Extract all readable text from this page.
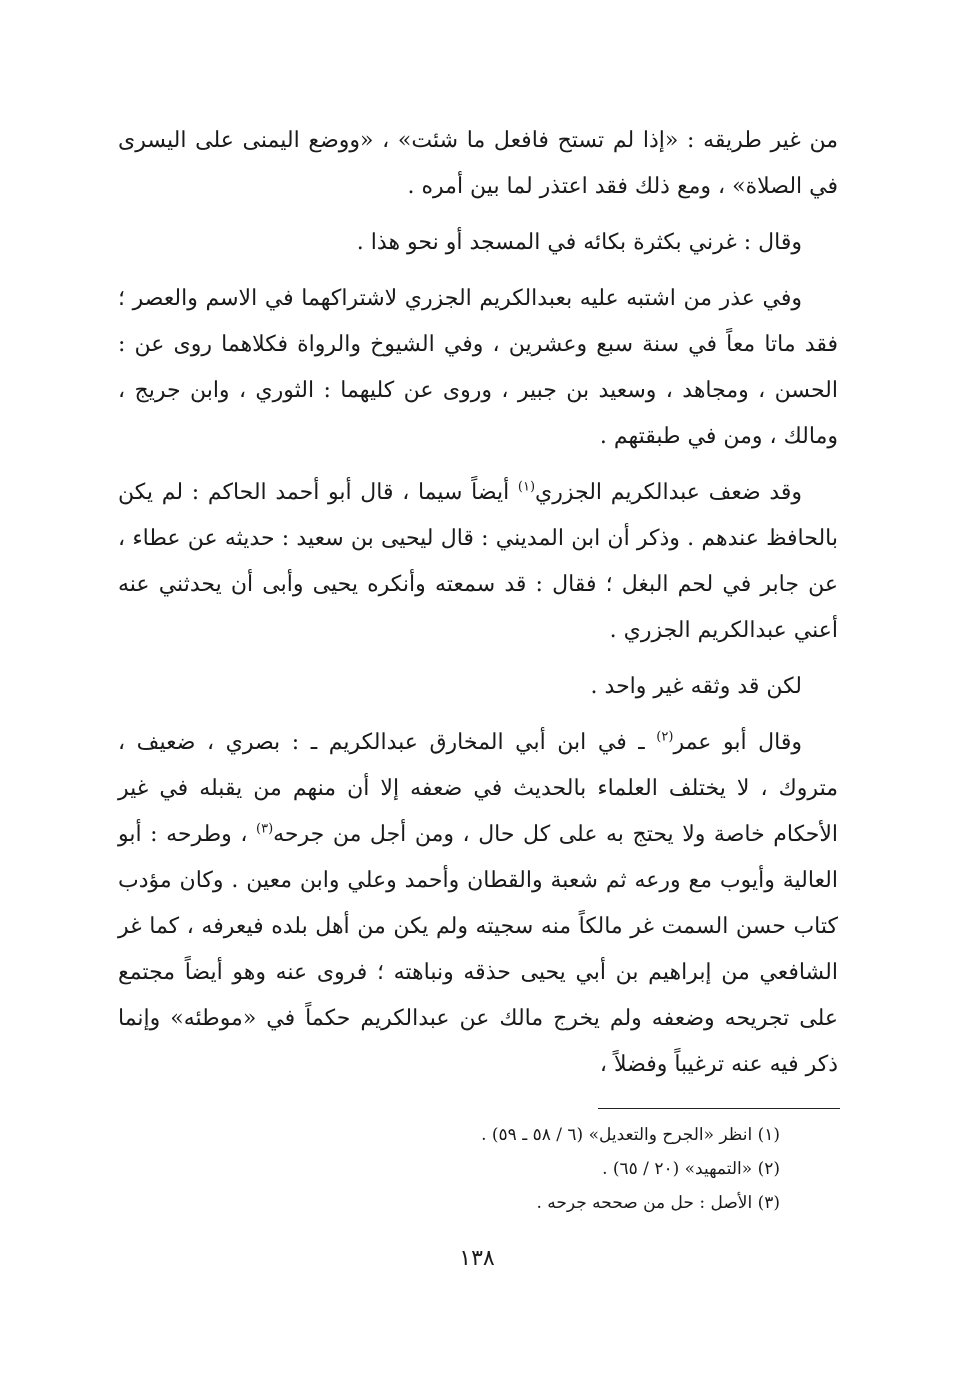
من غير طريقه : «إذا لم تستح فافعل ما شئت» ، «ووضع اليمنى على اليسرى في الصلاة» ، ومع ذلك فقد اعتذر لما بين أمره .

وقال : غرني بكثرة بكائه في المسجد أو نحو هذا .

وفي عذر من اشتبه عليه بعبدالكريم الجزري لاشتراكهما في الاسم والعصر ؛ فقد ماتا معاً في سنة سبع وعشرين ، وفي الشيوخ والرواة فكلاهما روى عن : الحسن ، ومجاهد ، وسعيد بن جبير ، وروى عن كليهما : الثوري ، وابن جريج ، ومالك ، ومن في طبقتهم .

وقد ضعف عبدالكريم الجزري$^{(١)}$ أيضاً سيما ، قال أبو أحمد الحاكم : لم يكن بالحافظ عندهم . وذكر أن ابن المديني : قال ليحيى بن سعيد : حديثه عن عطاء ، عن جابر في لحم البغل ؛ فقال : قد سمعته وأنكره يحيى وأبى أن يحدثني عنه أعني عبدالكريم الجزري .

لكن قد وثقه غير واحد .

وقال أبو عمر$^{(٢)}$ ـ في ابن أبي المخارق عبدالكريم ـ : بصري ، ضعيف ، متروك ، لا يختلف العلماء بالحديث في ضعفه إلا أن منهم من يقبله في غير الأحكام خاصة ولا يحتج به على كل حال ، ومن أجل من جرحه$^{(٣)}$ ، وطرحه : أبو العالية وأيوب مع ورعه ثم شعبة والقطان وأحمد وعلي وابن معين . وكان مؤدب كتاب حسن السمت غر مالكاً منه سجيته ولم يكن من أهل بلده فيعرفه ، كما غر الشافعي من إبراهيم بن أبي يحيى حذقه ونباهته ؛ فروى عنه وهو أيضاً مجتمع على تجريحه وضعفه ولم يخرج مالك عن عبدالكريم حكماً في «موطئه» وإنما ذكر فيه عنه ترغيباً وفضلاً ،

(١) انظر «الجرح والتعديل» (٦ / ٥٨ ـ ٥٩) .
(٢) «التمهيد» (٢٠ / ٦٥) .
(٣) الأصل : حل من صححه جرحه .
١٣٨
